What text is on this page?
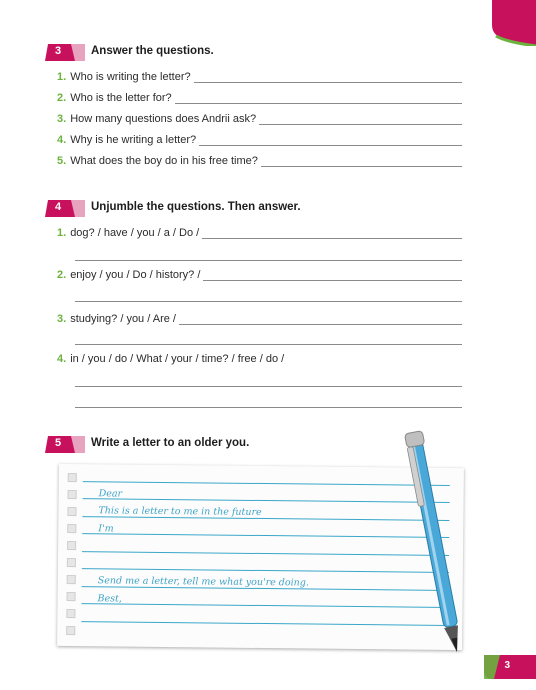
3	Answer the questions.
1. Who is writing the letter?
2. Who is the letter for?
3. How many questions does Andrii ask?
4. Why is he writing a letter?
5. What does the boy do in his free time?
4	Unjumble the questions. Then answer.
1. dog? / have / you / a / Do /
2. enjoy / you / Do / history? /
3. studying? / you / Are /
4. in / you / do / What / your / time? / free / do /
5	Write a letter to an older you.
Dear
This is a letter to me in the future
I'm
Send me a letter, tell me what you're doing.
Best,
3
